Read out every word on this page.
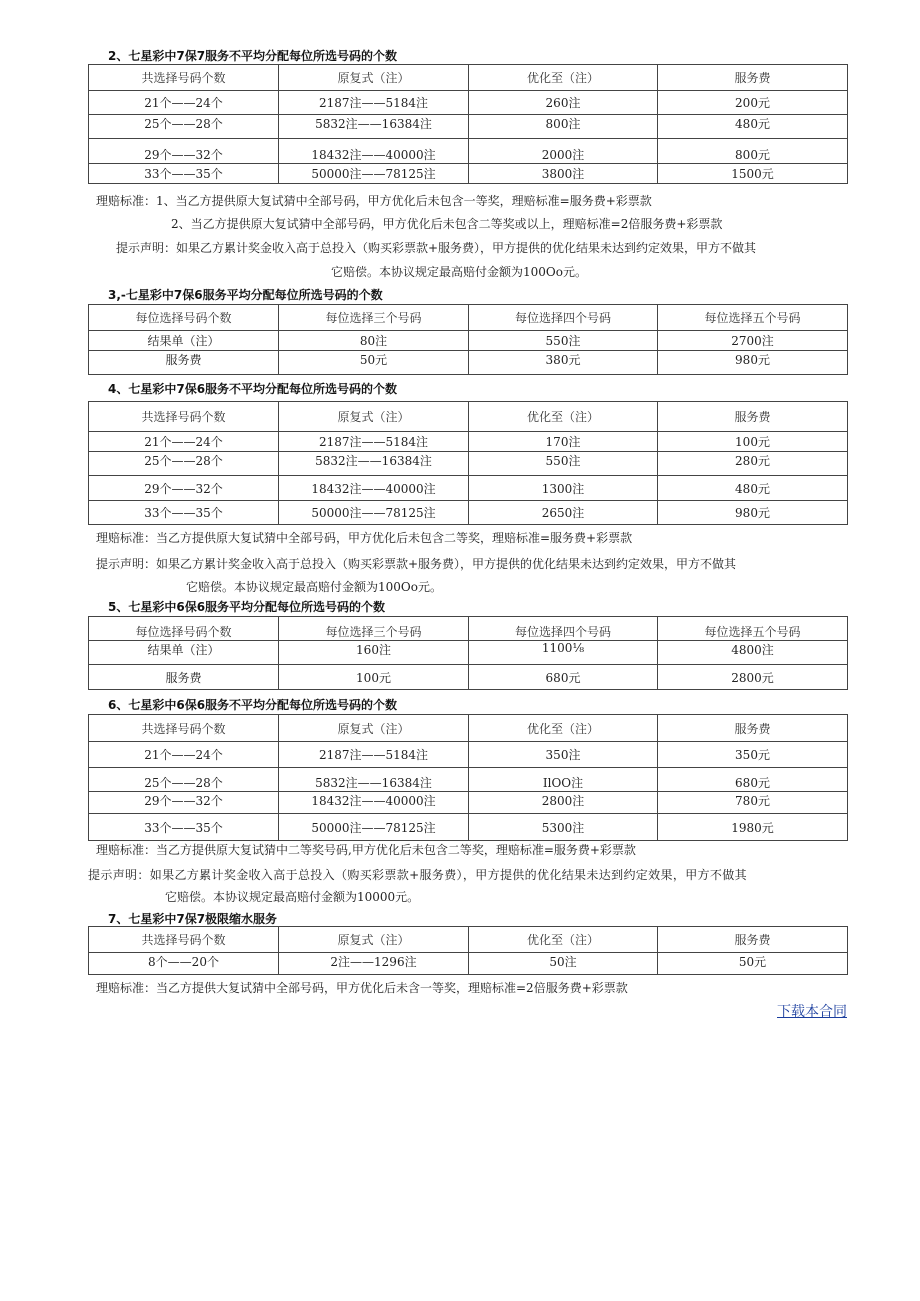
2、七星彩中7保7服务不平均分配每位所选号码的个数
共选择号码个数	原复式（注）	优化至（注）	服务费
21个——24个	2187注——5184注	260注	200元
25个——28个	5832注——16384注	800注	480元
29个——32个	18432注——40000注	2000注	800元
33个——35个	50000注——78125注	3800注	1500元
理赔标准：1、当乙方提供原大复试猜中全部号码，甲方优化后未包含一等奖，理赔标准=服务费+彩票款
2、当乙方提供原大复试猜中全部号码，甲方优化后未包含二等奖或以上，理赔标准=2倍服务费+彩票款
提示声明：如果乙方累计奖金收入高于总投入（购买彩票款+服务费），甲方提供的优化结果未达到约定效果，甲方不做其
它赔偿。本协议规定最高赔付金额为100Oo元。
3,-七星彩中7保6服务平均分配每位所选号码的个数
每位选择号码个数	每位选择三个号码	每位选择四个号码	每位选择五个号码
结果单（注）	80注	550注	2700注
服务费	50元	380元	980元
4、七星彩中7保6服务不平均分配每位所选号码的个数
共选择号码个数	原复式（注）	优化至（注）	服务费
21个——24个	2187注——5184注	170注	100元
25个——28个	5832注——16384注	550注	280元
29个——32个	18432注——40000注	1300注	480元
33个——35个	50000注——78125注	2650注	980元
理赔标准：当乙方提供原大复试猜中全部号码，甲方优化后未包含二等奖，理赔标准=服务费+彩票款
提示声明：如果乙方累计奖金收入高于总投入（购买彩票款+服务费），甲方提供的优化结果未达到约定效果，甲方不做其
它赔偿。本协议规定最高赔付金额为100Oo元。
5、七星彩中6保6服务平均分配每位所选号码的个数
每位选择号码个数	每位选择三个号码	每位选择四个号码	每位选择五个号码
结果单（注）	160注	1100⅛	4800注
服务费	100元	680元	2800元
6、七星彩中6保6服务不平均分配每位所选号码的个数
共选择号码个数	原复式（注）	优化至（注）	服务费
21个——24个	2187注——5184注	350注	350元
25个——28个	5832注——16384注	IlOO注	680元
29个——32个	18432注——40000注	2800注	780元
33个——35个	50000注——78125注	5300注	1980元
理赔标准：当乙方提供原大复试猜中二等奖号码,甲方优化后未包含二等奖，理赔标准=服务费+彩票款
提示声明：如果乙方累计奖金收入高于总投入（购买彩票款+服务费），甲方提供的优化结果未达到约定效果，甲方不做其
它赔偿。本协议规定最高赔付金额为10000元。
7、七星彩中7保7极限缩水服务
共选择号码个数	原复式（注）	优化至（注）	服务费
8个——20个	2注——1296注	50注	50元
理赔标准：当乙方提供大复试猜中全部号码，甲方优化后未含一等奖，理赔标准=2倍服务费+彩票款
下载本合同
